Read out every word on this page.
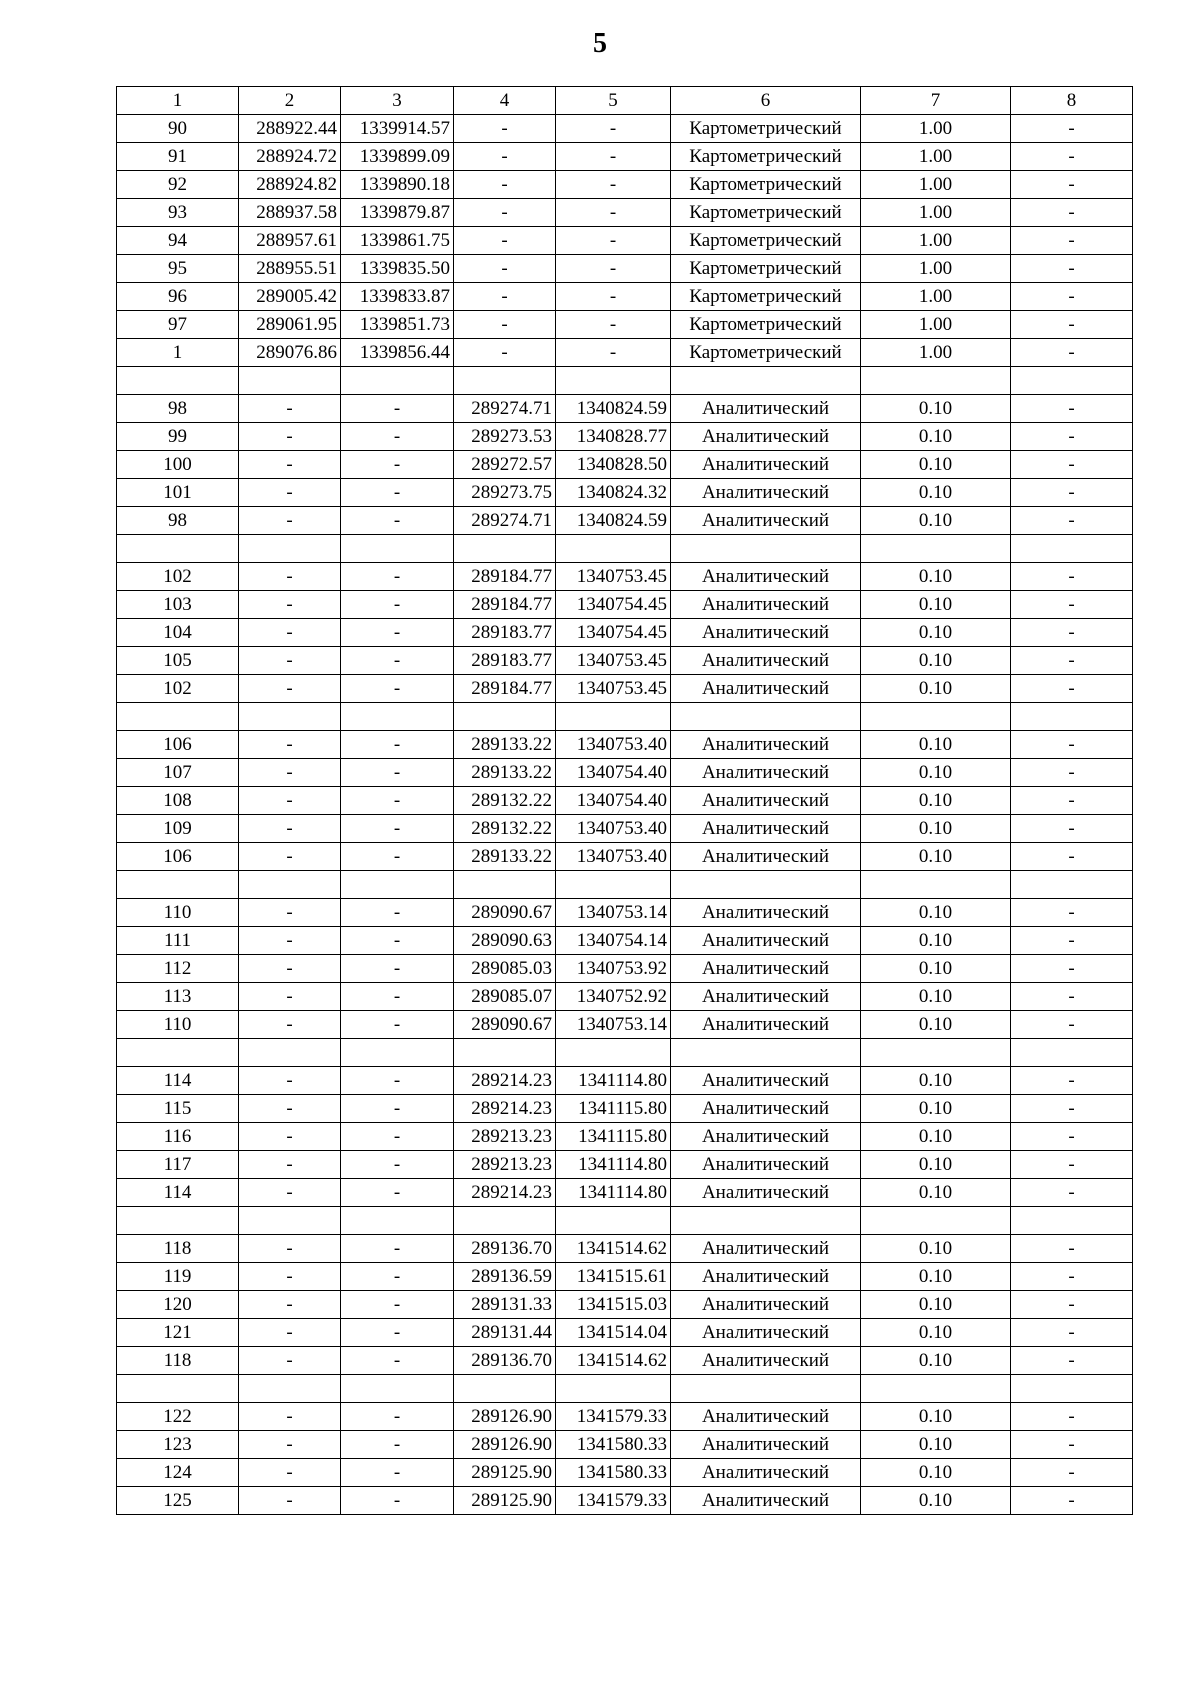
5
1	2	3	4	5	6	7	8
90	288922.44	1339914.57	-	-	Картометрический	1.00	-
91	288924.72	1339899.09	-	-	Картометрический	1.00	-
92	288924.82	1339890.18	-	-	Картометрический	1.00	-
93	288937.58	1339879.87	-	-	Картометрический	1.00	-
94	288957.61	1339861.75	-	-	Картометрический	1.00	-
95	288955.51	1339835.50	-	-	Картометрический	1.00	-
96	289005.42	1339833.87	-	-	Картометрический	1.00	-
97	289061.95	1339851.73	-	-	Картометрический	1.00	-
1	289076.86	1339856.44	-	-	Картометрический	1.00	-

98	-	-	289274.71	1340824.59	Аналитический	0.10	-
99	-	-	289273.53	1340828.77	Аналитический	0.10	-
100	-	-	289272.57	1340828.50	Аналитический	0.10	-
101	-	-	289273.75	1340824.32	Аналитический	0.10	-
98	-	-	289274.71	1340824.59	Аналитический	0.10	-

102	-	-	289184.77	1340753.45	Аналитический	0.10	-
103	-	-	289184.77	1340754.45	Аналитический	0.10	-
104	-	-	289183.77	1340754.45	Аналитический	0.10	-
105	-	-	289183.77	1340753.45	Аналитический	0.10	-
102	-	-	289184.77	1340753.45	Аналитический	0.10	-

106	-	-	289133.22	1340753.40	Аналитический	0.10	-
107	-	-	289133.22	1340754.40	Аналитический	0.10	-
108	-	-	289132.22	1340754.40	Аналитический	0.10	-
109	-	-	289132.22	1340753.40	Аналитический	0.10	-
106	-	-	289133.22	1340753.40	Аналитический	0.10	-

110	-	-	289090.67	1340753.14	Аналитический	0.10	-
111	-	-	289090.63	1340754.14	Аналитический	0.10	-
112	-	-	289085.03	1340753.92	Аналитический	0.10	-
113	-	-	289085.07	1340752.92	Аналитический	0.10	-
110	-	-	289090.67	1340753.14	Аналитический	0.10	-

114	-	-	289214.23	1341114.80	Аналитический	0.10	-
115	-	-	289214.23	1341115.80	Аналитический	0.10	-
116	-	-	289213.23	1341115.80	Аналитический	0.10	-
117	-	-	289213.23	1341114.80	Аналитический	0.10	-
114	-	-	289214.23	1341114.80	Аналитический	0.10	-

118	-	-	289136.70	1341514.62	Аналитический	0.10	-
119	-	-	289136.59	1341515.61	Аналитический	0.10	-
120	-	-	289131.33	1341515.03	Аналитический	0.10	-
121	-	-	289131.44	1341514.04	Аналитический	0.10	-
118	-	-	289136.70	1341514.62	Аналитический	0.10	-

122	-	-	289126.90	1341579.33	Аналитический	0.10	-
123	-	-	289126.90	1341580.33	Аналитический	0.10	-
124	-	-	289125.90	1341580.33	Аналитический	0.10	-
125	-	-	289125.90	1341579.33	Аналитический	0.10	-
